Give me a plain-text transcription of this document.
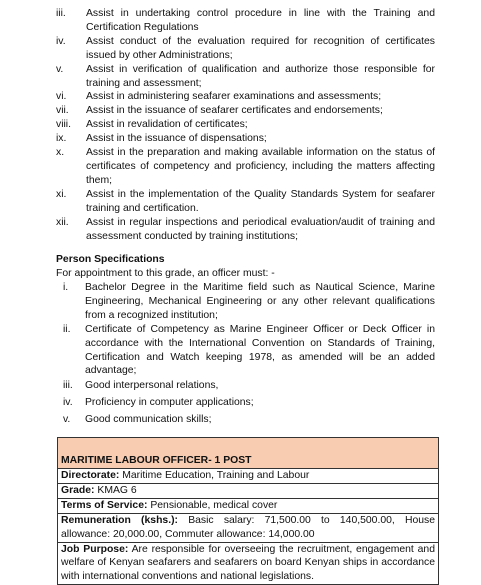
iii.	Assist in undertaking control procedure in line with the Training and Certification Regulations
iv.	Assist conduct of the evaluation required for recognition of certificates issued by other Administrations;
v.	Assist in verification of qualification and authorize those responsible for training and assessment;
vi.	Assist in administering seafarer examinations and assessments;
vii.	Assist in the issuance of seafarer certificates and endorsements;
viii.	Assist in revalidation of certificates;
ix.	Assist in the issuance of dispensations;
x.	Assist in the preparation and making available information on the status of certificates of competency and proficiency, including the matters affecting them;
xi.	Assist in the implementation of the Quality Standards System for seafarer training and certification.
xii.	Assist in regular inspections and periodical evaluation/audit of training and assessment conducted by training institutions;
Person Specifications
For appointment to this grade, an officer must: -
i.	Bachelor Degree in the Maritime field such as Nautical Science, Marine Engineering, Mechanical Engineering or any other relevant qualifications from a recognized institution;
ii.	Certificate of Competency as Marine Engineer Officer or Deck Officer in accordance with the International Convention on Standards of Training, Certification and Watch keeping 1978, as amended will be an added advantage;
iii.	Good interpersonal relations,
iv.	Proficiency in computer applications;
v.	Good communication skills;
MARITIME LABOUR OFFICER- 1 POST
Directorate: Maritime Education, Training and Labour
Grade: KMAG 6
Terms of Service: Pensionable, medical cover
Remuneration (kshs.): Basic salary: 71,500.00 to 140,500.00, House allowance: 20,000.00, Commuter allowance: 14,000.00
Job Purpose: Are responsible for overseeing the recruitment, engagement and welfare of Kenyan seafarers and seafarers on board Kenyan ships in accordance with international conventions and national legislations.
